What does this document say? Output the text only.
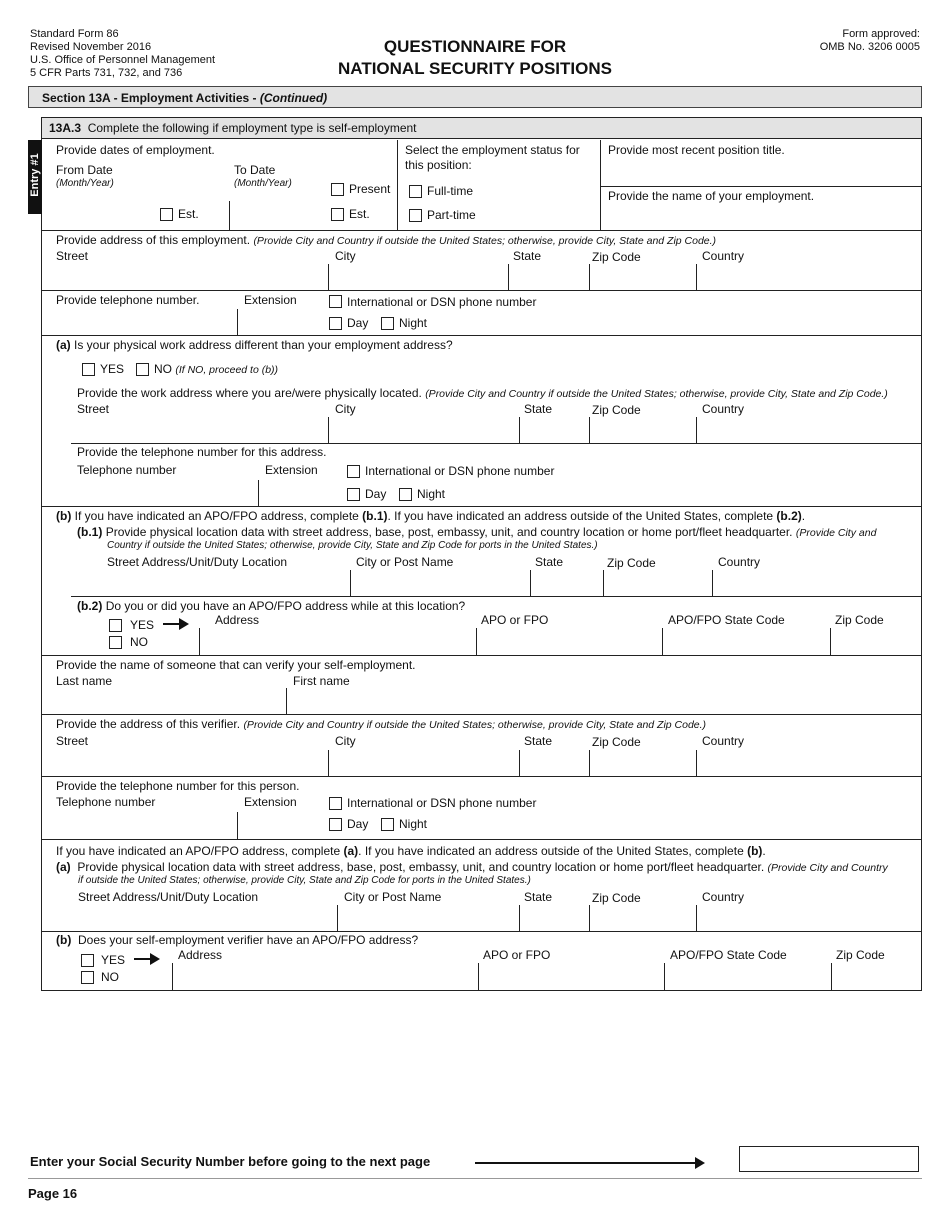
Standard Form 86
Revised November 2016
U.S. Office of Personnel Management
5 CFR Parts 731, 732, and 736
QUESTIONNAIRE FOR
NATIONAL SECURITY POSITIONS
Form approved:
OMB No. 3206 0005
Section 13A - Employment Activities - (Continued)
13A.3 Complete the following if employment type is self-employment
Entry #1
Provide dates of employment.
From Date
(Month/Year)
To Date
(Month/Year)
Est.
Present
Est.
Select the employment status for
this position:
Full-time
Part-time
Provide most recent position title.
Provide the name of your employment.
Provide address of this employment. (Provide City and Country if outside the United States; otherwise, provide City, State and Zip Code.)
Street	City	State	Zip Code	Country
Provide telephone number.	Extension	International or DSN phone number
Day	Night
(a) Is your physical work address different than your employment address?
YES NO (If NO, proceed to (b))
Provide the work address where you are/were physically located. (Provide City and Country if outside the United States; otherwise, provide City, State and Zip Code.)
Street	City	State	Zip Code	Country
Provide the telephone number for this address.
Telephone number	Extension	International or DSN phone number
Day	Night
(b) If you have indicated an APO/FPO address, complete (b.1). If you have indicated an address outside of the United States, complete (b.2).
(b.1) Provide physical location data with street address, base, post, embassy, unit, and country location or home port/fleet headquarter. (Provide City and
Country if outside the United States; otherwise, provide City, State and Zip Code for ports in the United States.)
Street Address/Unit/Duty Location	City or Post Name	State	Zip Code	Country
(b.2) Do you or did you have an APO/FPO address while at this location?
YES
NO
Address	APO or FPO	APO/FPO State Code	Zip Code
Provide the name of someone that can verify your self-employment.
Last name	First name
Provide the address of this verifier. (Provide City and Country if outside the United States; otherwise, provide City, State and Zip Code.)
Street	City	State	Zip Code	Country
Provide the telephone number for this person.
Telephone number	Extension	International or DSN phone number
Day	Night
If you have indicated an APO/FPO address, complete (a). If you have indicated an address outside of the United States, complete (b).
(a) Provide physical location data with street address, base, post, embassy, unit, and country location or home port/fleet headquarter. (Provide City and Country
if outside the United States; otherwise, provide City, State and Zip Code for ports in the United States.)
Street Address/Unit/Duty Location	City or Post Name	State	Zip Code	Country
(b) Does your self-employment verifier have an APO/FPO address?
YES
NO
Address	APO or FPO	APO/FPO State Code	Zip Code
Enter your Social Security Number before going to the next page
Page 16
